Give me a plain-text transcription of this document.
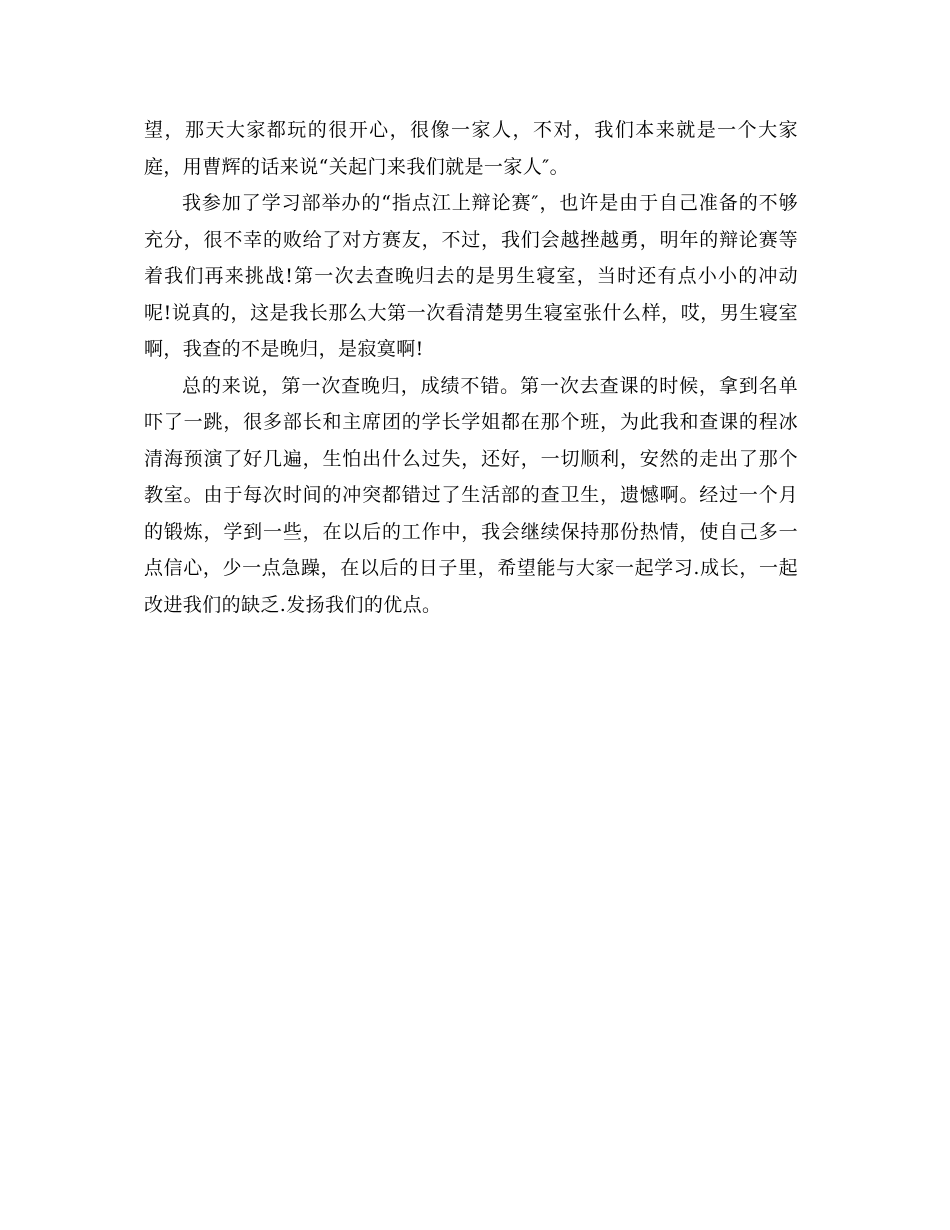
望，那天大家都玩的很开心，很像一家人，不对，我们本来就是一个大家庭，用曹辉的话来说“关起门来我们就是一家人″。

我参加了学习部举办的“指点江上辩论赛″，也许是由于自己准备的不够充分，很不幸的败给了对方赛友，不过，我们会越挫越勇，明年的辩论赛等着我们再来挑战!第一次去查晚归去的是男生寝室，当时还有点小小的冲动呢!说真的，这是我长那么大第一次看清楚男生寝室张什么样，哎，男生寝室啊，我查的不是晚归，是寂寞啊!

总的来说，第一次查晚归，成绩不错。第一次去查课的时候，拿到名单吓了一跳，很多部长和主席团的学长学姐都在那个班，为此我和查课的程冰清海预演了好几遍，生怕出什么过失，还好，一切顺利，安然的走出了那个教室。由于每次时间的冲突都错过了生活部的查卫生，遗憾啊。经过一个月的锻炼，学到一些，在以后的工作中，我会继续保持那份热情，使自己多一点信心，少一点急躁，在以后的日子里，希望能与大家一起学习.成长，一起改进我们的缺乏.发扬我们的优点。
